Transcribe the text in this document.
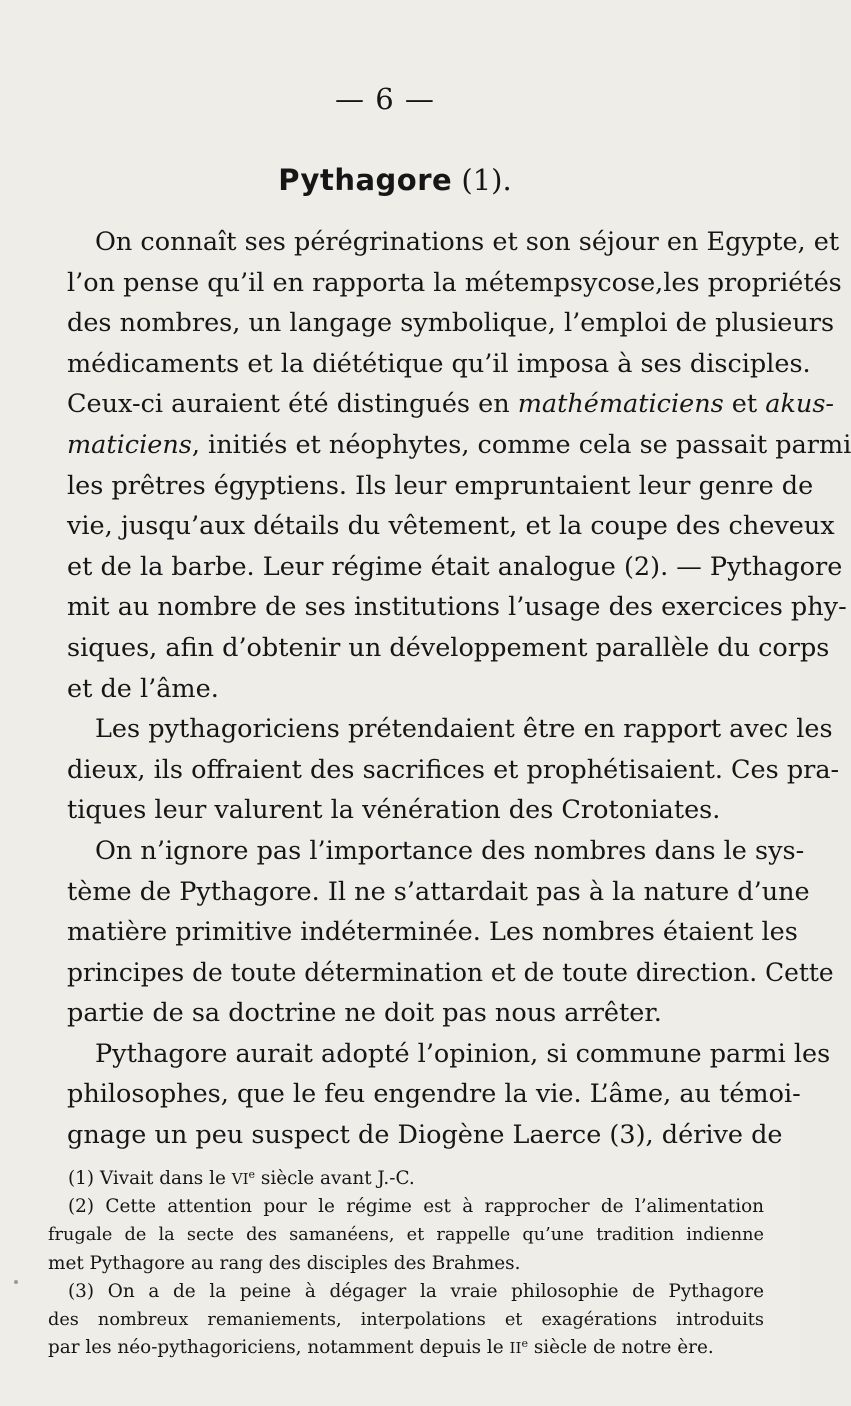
— 6 —
Pythagore (1).

On connaît ses pérégrinations et son séjour en Egypte, et
l’on pense qu’il en rapporta la métempsycose,les propriétés
des nombres, un langage symbolique, l’emploi de plusieurs
médicaments et la diététique qu’il imposa à ses disciples.
Ceux-ci auraient été distingués en mathématiciens et akus-
maticiens, initiés et néophytes, comme cela se passait parmi
les prêtres égyptiens. Ils leur empruntaient leur genre de
vie, jusqu’aux détails du vêtement, et la coupe des cheveux
et de la barbe. Leur régime était analogue (2). — Pythagore
mit au nombre de ses institutions l’usage des exercices phy-
siques, afin d’obtenir un développement parallèle du corps
et de l’âme.

Les pythagoriciens prétendaient être en rapport avec les
dieux, ils offraient des sacrifices et prophétisaient. Ces pra-
tiques leur valurent la vénération des Crotoniates.

On n’ignore pas l’importance des nombres dans le sys-
tème de Pythagore. Il ne s’attardait pas à la nature d’une
matière primitive indéterminée. Les nombres étaient les
principes de toute détermination et de toute direction. Cette
partie de sa doctrine ne doit pas nous arrêter.

Pythagore aurait adopté l’opinion, si commune parmi les
philosophes, que le feu engendre la vie. L’âme, au témoi-
gnage un peu suspect de Diogène Laerce (3), dérive de

(1) Vivait dans le VIe siècle avant J.-C.

(2) Cette attention pour le régime est à rapprocher de l’alimentation
frugale de la secte des samanéens, et rappelle qu’une tradition indienne
met Pythagore au rang des disciples des Brahmes.

(3) On a de la peine à dégager la vraie philosophie de Pythagore
des nombreux remaniements, interpolations et exagérations introduits
par les néo-pythagoriciens, notamment depuis le IIe siècle de notre ère.
